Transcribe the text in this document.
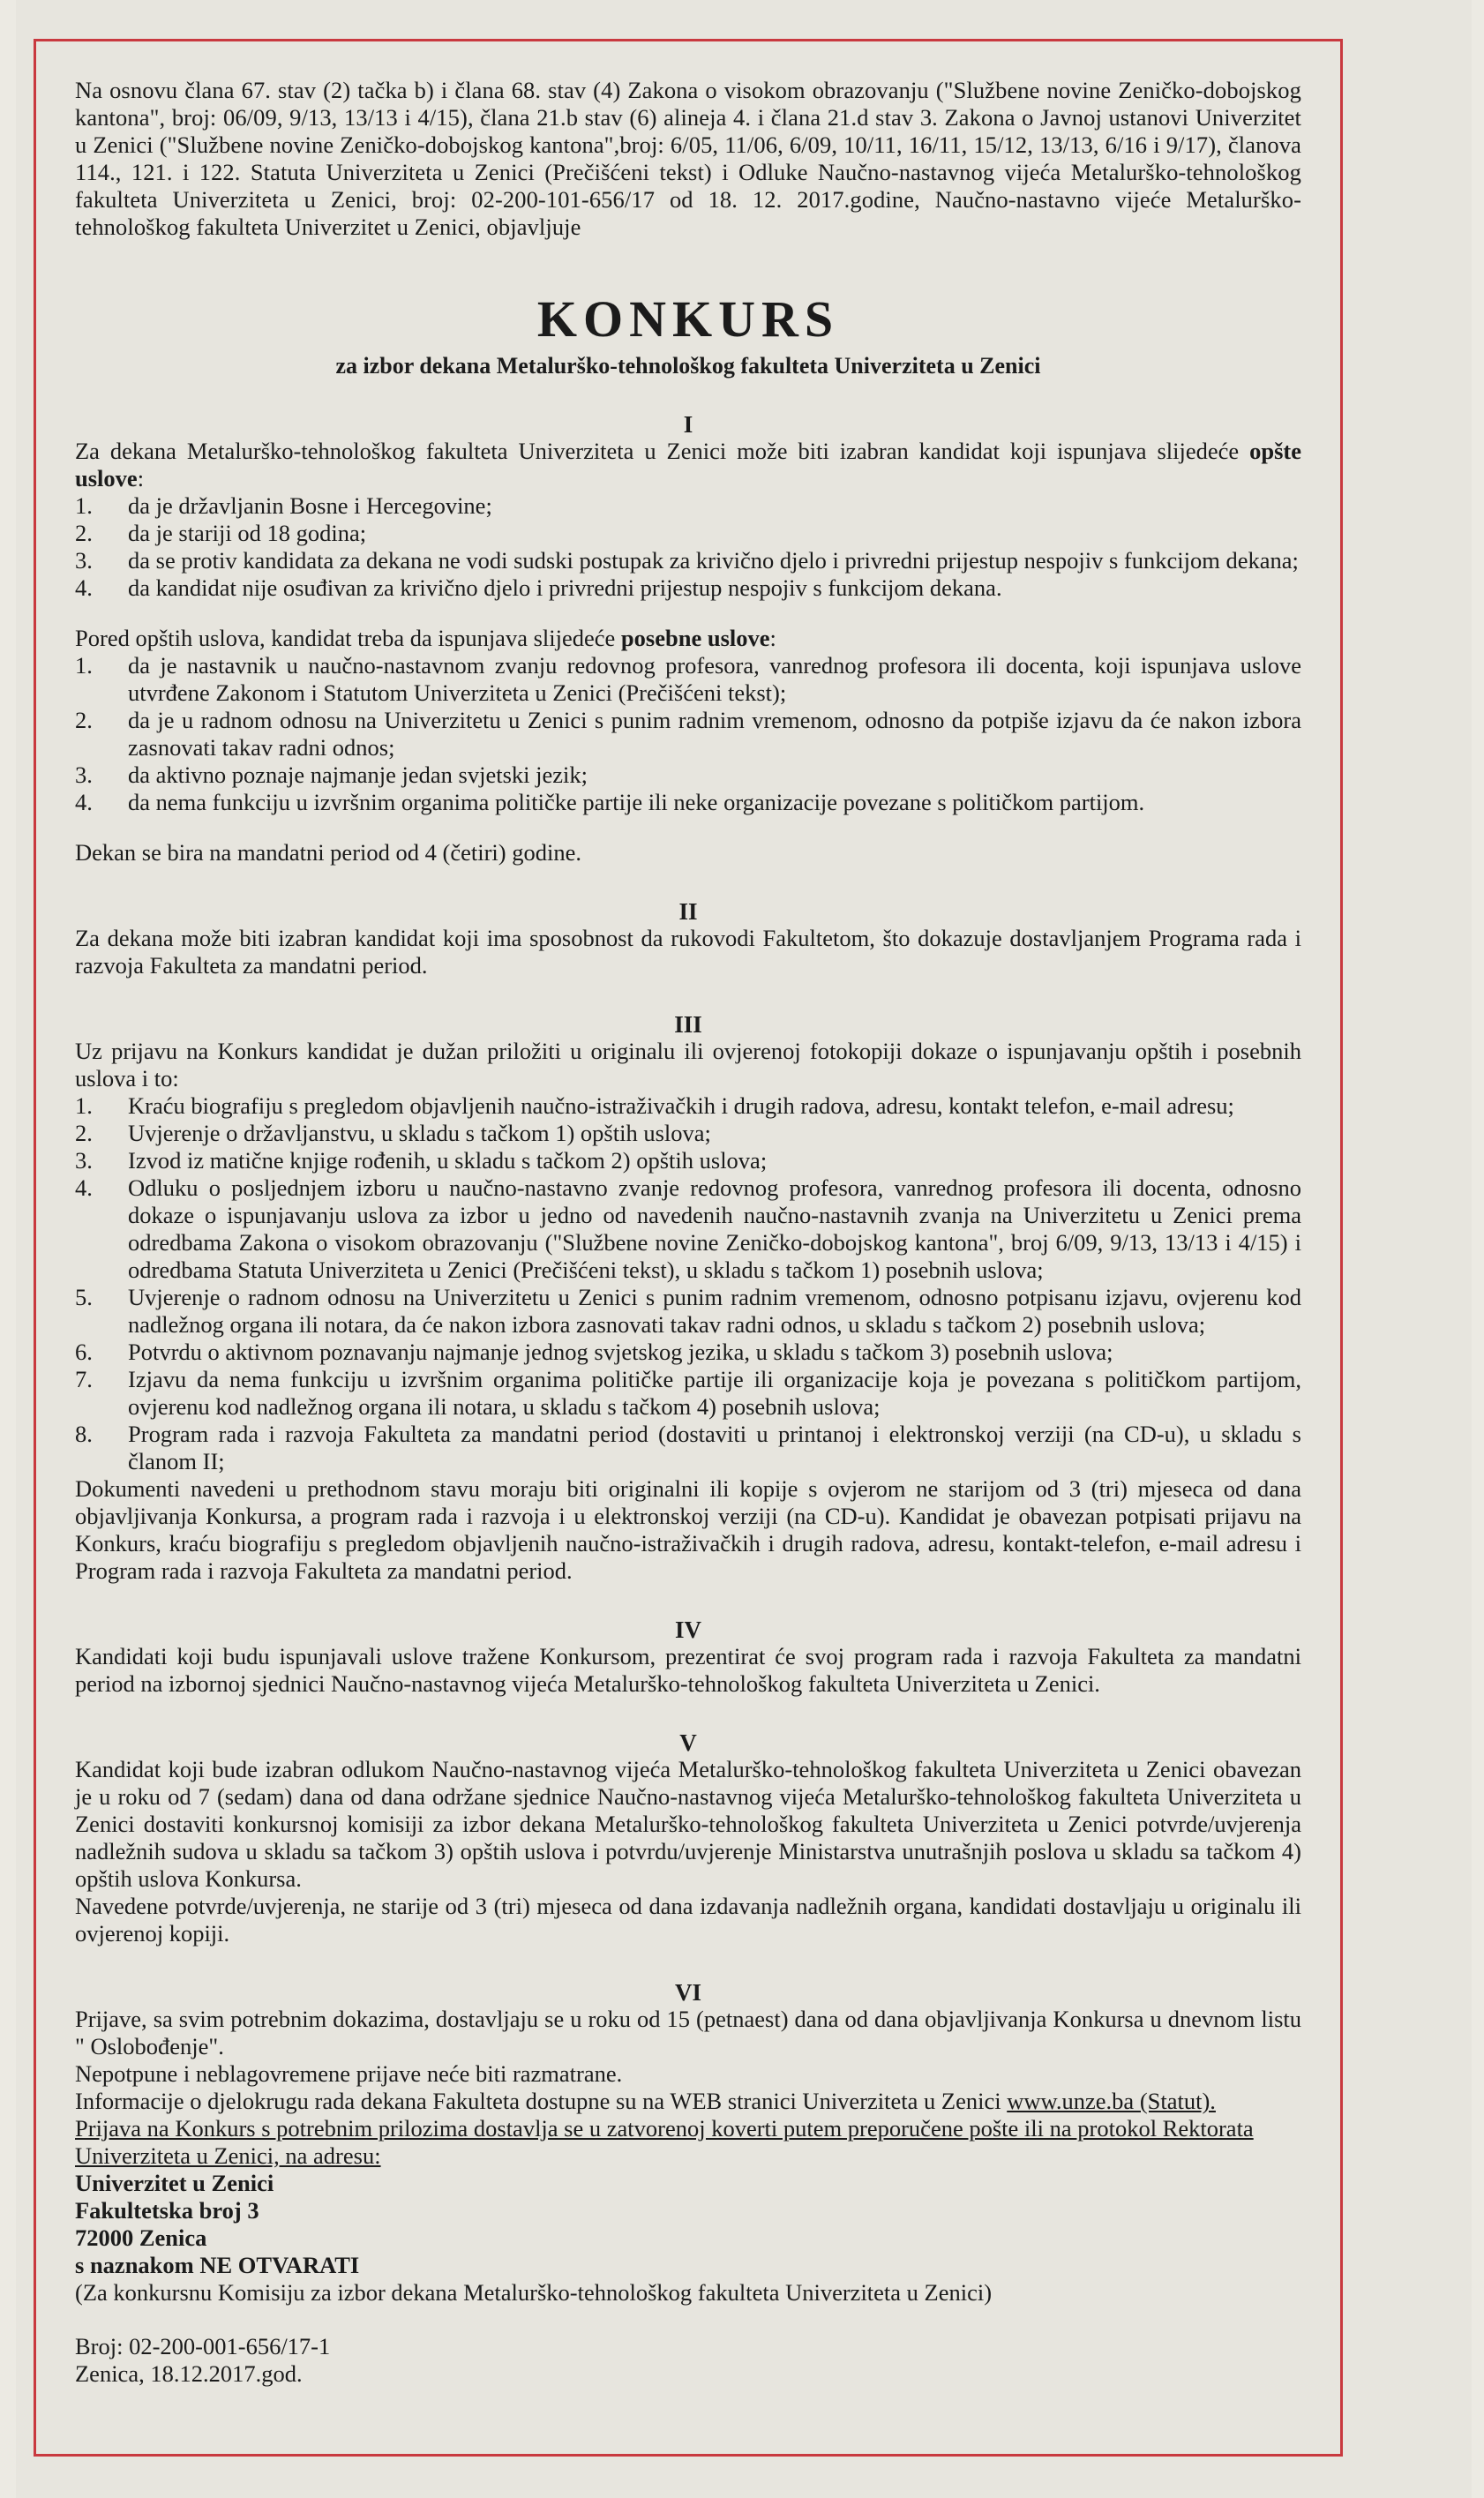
Na osnovu člana 67. stav (2) tačka b) i člana 68. stav (4) Zakona o visokom obrazovanju ("Službene novine Zeničko-dobojskog kantona", broj: 06/09, 9/13, 13/13 i 4/15), člana 21.b stav (6) alineja 4. i člana 21.d stav 3. Zakona o Javnoj ustanovi Univerzitet u Zenici ("Službene novine Zeničko-dobojskog kantona",broj: 6/05, 11/06, 6/09, 10/11, 16/11, 15/12, 13/13, 6/16 i 9/17), članova 114., 121. i 122. Statuta Univerziteta u Zenici (Prečišćeni tekst) i Odluke Naučno-nastavnog vijeća Metalurško-tehnološkog fakulteta Univerziteta u Zenici, broj: 02-200-101-656/17 od 18. 12. 2017.godine, Naučno-nastavno vijeće Metalurško-tehnološkog fakulteta Univerzitet u Zenici, objavljuje

KONKURS
za izbor dekana Metalurško-tehnološkog fakulteta Univerziteta u Zenici
I

Za dekana Metalurško-tehnološkog fakulteta Univerziteta u Zenici može biti izabran kandidat koji ispunjava slijedeće opšte uslove:

1.	da je državljanin Bosne i Hercegovine;
2.	da je stariji od 18 godina;
3.	da se protiv kandidata za dekana ne vodi sudski postupak za krivično djelo i privredni prijestup nespojiv s funkcijom dekana;
4.	da kandidat nije osuđivan za krivično djelo i privredni prijestup nespojiv s funkcijom dekana.

Pored opštih uslova, kandidat treba da ispunjava slijedeće posebne uslove:

1.	da je nastavnik u naučno-nastavnom zvanju redovnog profesora, vanrednog profesora ili docenta, koji ispunjava uslove utvrđene Zakonom i Statutom Univerziteta u Zenici (Prečišćeni tekst);
2.	da je u radnom odnosu na Univerzitetu u Zenici s punim radnim vremenom, odnosno da potpiše izjavu da će nakon izbora zasnovati takav radni odnos;
3.	da aktivno poznaje najmanje jedan svjetski jezik;
4.	da nema funkciju u izvršnim organima političke partije ili neke organizacije povezane s političkom partijom.

Dekan se bira na mandatni period od 4 (četiri) godine.

II

Za dekana može biti izabran kandidat koji ima sposobnost da rukovodi Fakultetom, što dokazuje dostavljanjem Programa rada i razvoja Fakulteta za mandatni period.

III

Uz prijavu na Konkurs kandidat je dužan priložiti u originalu ili ovjerenoj fotokopiji dokaze o ispunjavanju opštih i posebnih uslova i to:

1.	Kraću biografiju s pregledom objavljenih naučno-istraživačkih i drugih radova, adresu, kontakt telefon, e-mail adresu;
2.	Uvjerenje o državljanstvu, u skladu s tačkom 1) opštih uslova;
3.	Izvod iz matične knjige rođenih, u skladu s tačkom 2) opštih uslova;
4.	Odluku o posljednjem izboru u naučno-nastavno zvanje redovnog profesora, vanrednog profesora ili docenta, odnosno dokaze o ispunjavanju uslova za izbor u jedno od navedenih naučno-nastavnih zvanja na Univerzitetu u Zenici prema odredbama Zakona o visokom obrazovanju ("Službene novine Zeničko-dobojskog kantona", broj 6/09, 9/13, 13/13 i 4/15) i odredbama Statuta Univerziteta u Zenici (Prečišćeni tekst), u skladu s tačkom 1) posebnih uslova;
5.	Uvjerenje o radnom odnosu na Univerzitetu u Zenici s punim radnim vremenom, odnosno potpisanu izjavu, ovjerenu kod nadležnog organa ili notara, da će nakon izbora zasnovati takav radni odnos, u skladu s tačkom 2) posebnih uslova;
6.	Potvrdu o aktivnom poznavanju najmanje jednog svjetskog jezika, u skladu s tačkom 3) posebnih uslova;
7.	Izjavu da nema funkciju u izvršnim organima političke partije ili organizacije koja je povezana s političkom partijom, ovjerenu kod nadležnog organa ili notara, u skladu s tačkom 4) posebnih uslova;
8.	Program rada i razvoja Fakulteta za mandatni period (dostaviti u printanoj i elektronskoj verziji (na CD-u), u skladu s članom II;

Dokumenti navedeni u prethodnom stavu moraju biti originalni ili kopije s ovjerom ne starijom od 3 (tri) mjeseca od dana objavljivanja Konkursa, a program rada i razvoja i u elektronskoj verziji (na CD-u). Kandidat je obavezan potpisati prijavu na Konkurs, kraću biografiju s pregledom objavljenih naučno-istraživačkih i drugih radova, adresu, kontakt-telefon, e-mail adresu i Program rada i razvoja Fakulteta za mandatni period.

IV

Kandidati koji budu ispunjavali uslove tražene Konkursom, prezentirat će svoj program rada i razvoja Fakulteta za mandatni period na izbornoj sjednici Naučno-nastavnog vijeća Metalurško-tehnološkog fakulteta Univerziteta u Zenici.

V

Kandidat koji bude izabran odlukom Naučno-nastavnog vijeća Metalurško-tehnološkog fakulteta Univerziteta u Zenici obavezan je u roku od 7 (sedam) dana od dana održane sjednice Naučno-nastavnog vijeća Metalurško-tehnološkog fakulteta Univerziteta u Zenici dostaviti konkursnoj komisiji za izbor dekana Metalurško-tehnološkog fakulteta Univerziteta u Zenici potvrde/uvjerenja nadležnih sudova u skladu sa tačkom 3) opštih uslova i potvrdu/uvjerenje Ministarstva unutrašnjih poslova u skladu sa tačkom 4) opštih uslova Konkursa.

Navedene potvrde/uvjerenja, ne starije od 3 (tri) mjeseca od dana izdavanja nadležnih organa, kandidati dostavljaju u originalu ili ovjerenoj kopiji.

VI

Prijave, sa svim potrebnim dokazima, dostavljaju se u roku od 15 (petnaest) dana od dana objavljivanja Konkursa u dnevnom listu " Oslobođenje".

Nepotpune i neblagovremene prijave neće biti razmatrane.

Informacije o djelokrugu rada dekana Fakulteta dostupne su na WEB stranici Univerziteta u Zenici www.unze.ba (Statut).

Prijava na Konkurs s potrebnim prilozima dostavlja se u zatvorenoj koverti putem preporučene pošte ili na protokol Rektorata Univerziteta u Zenici, na adresu:

Univerzitet u Zenici
Fakultetska broj 3
72000 Zenica
s naznakom NE OTVARATI
(Za konkursnu Komisiju za izbor dekana Metalurško-tehnološkog fakulteta Univerziteta u Zenici)
Broj: 02-200-001-656/17-1
Zenica, 18.12.2017.god.
